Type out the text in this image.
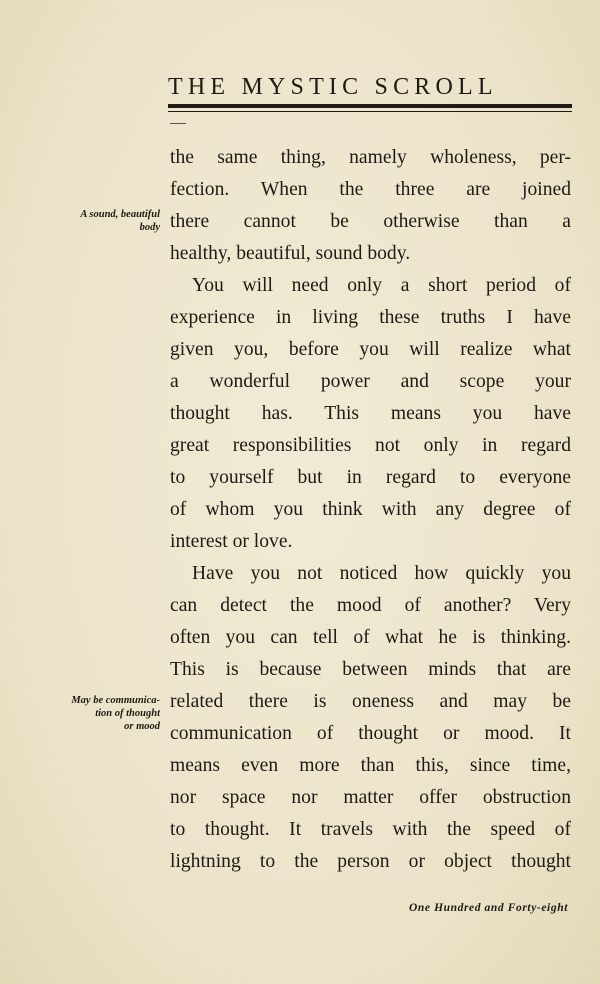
THE MYSTIC SCROLL
A sound, beautiful
body
May be communica-
tion of thought
or mood
the same thing, namely wholeness, per-
fection. When the three are joined
there cannot be otherwise than a
healthy, beautiful, sound body.
You will need only a short period of
experience in living these truths I have
given you, before you will realize what
a wonderful power and scope your
thought has. This means you have
great responsibilities not only in regard
to yourself but in regard to everyone
of whom you think with any degree of
interest or love.
Have you not noticed how quickly you
can detect the mood of another? Very
often you can tell of what he is thinking.
This is because between minds that are
related there is oneness and may be
communication of thought or mood. It
means even more than this, since time,
nor space nor matter offer obstruction
to thought. It travels with the speed of
lightning to the person or object thought
One Hundred and Forty-eight
